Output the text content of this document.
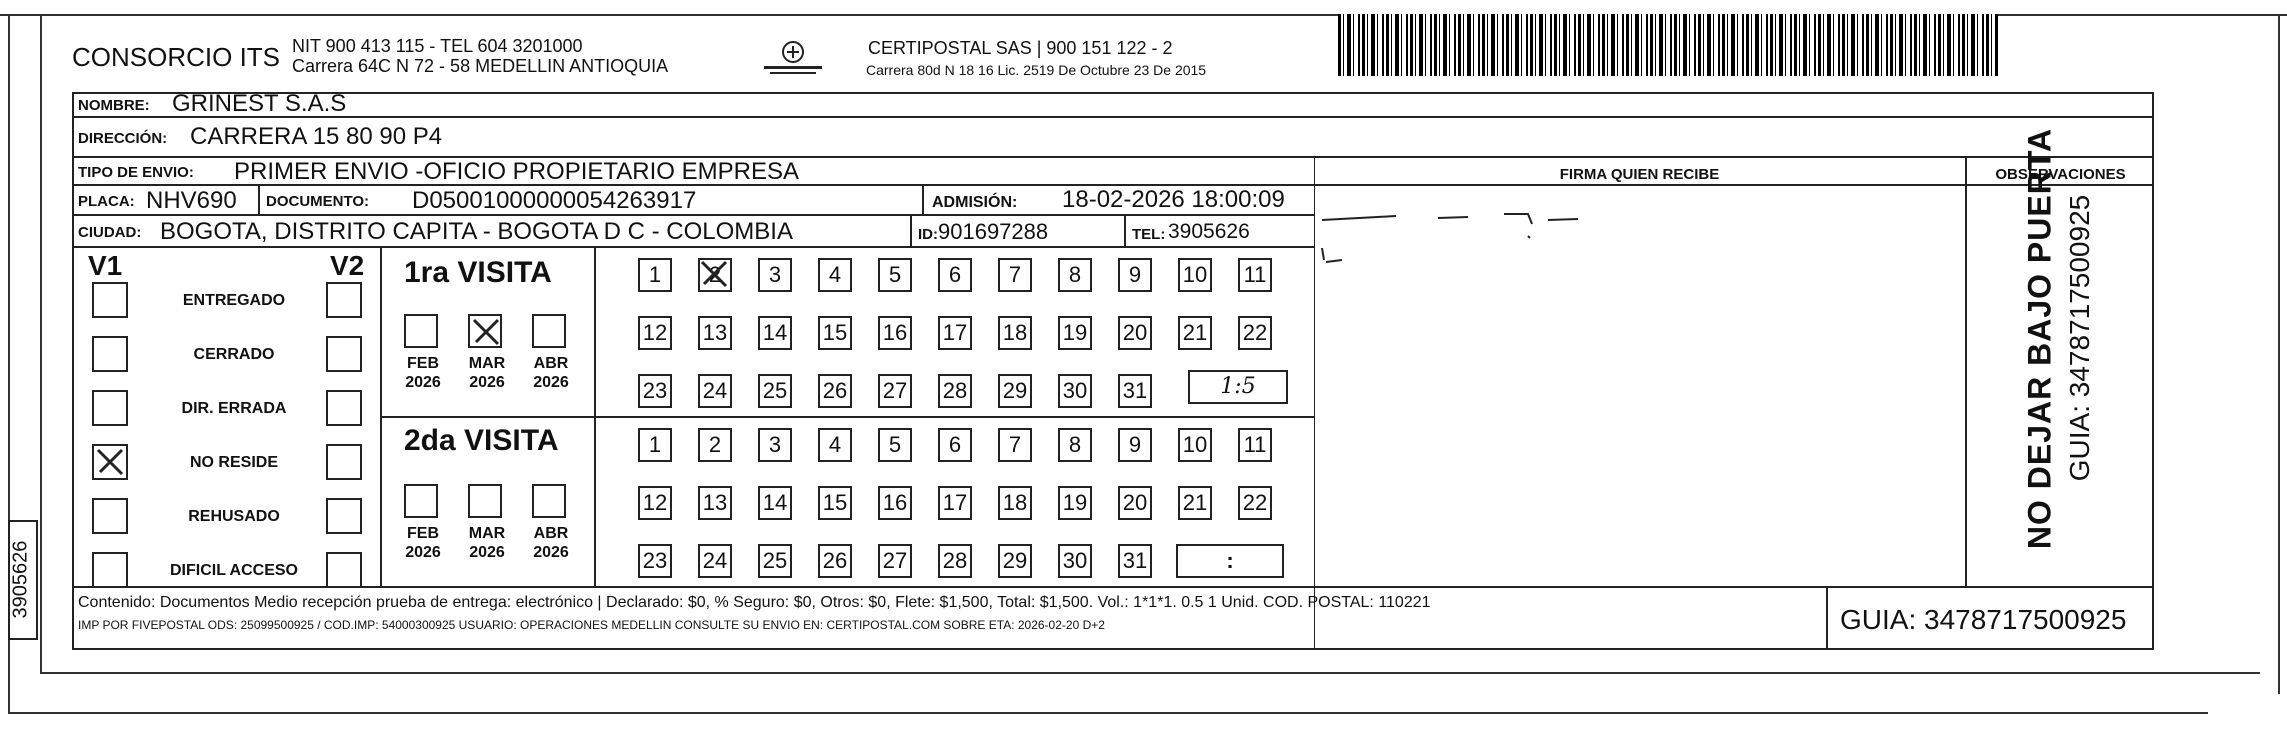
3905626
CONSORCIO ITS NIT 900 413 115 - TEL 604 3201000
Carrera 64C N 72 - 58 MEDELLIN ANTIOQUIA
CERTIPOSTAL SAS | 900 151 122 - 2
Carrera 80d N 18 16 Lic. 2519 De Octubre 23 De 2015
NOMBRE: GRINEST S.A.S
DIRECCIÓN: CARRERA 15 80 90 P4
TIPO DE ENVIO: PRIMER ENVIO -OFICIO PROPIETARIO EMPRESA	FIRMA QUIEN RECIBE	OBSERVACIONES
PLACA: NHV690 DOCUMENTO: D05001000000054263917	ADMISIÓN: 18-02-2026 18:00:09
CIUDAD: BOGOTA, DISTRITO CAPITA - BOGOTA D C - COLOMBIA	ID: 901697288	TEL: 3905626
V1	V2
ENTREGADO
CERRADO
DIR. ERRADA
NO RESIDE
REHUSADO
DIFICIL ACCESO
1ra VISITA
2da VISITA
FEB
2026
MAR
2026
ABR
2026
FEB
2026
MAR
2026
ABR
2026
1	2	3	4	5	6	7	8	9	10 11
12 13 14 15 16 17 18 19 20 21 22
23 24 25 26 27 28 29 30 31
1	2	3	4	5	6	7	8	9	10 11
12 13 14 15 16 17 18 19 20 21 22
23 24 25 26 27 28 29 30 31
1:5
:
Contenido: Documentos Medio recepción prueba de entrega: electrónico | Declarado: $0, % Seguro: $0, Otros: $0, Flete: $1,500, Total: $1,500. Vol.: 1*1*1. 0.5 1 Unid. COD. POSTAL: 110221
IMP POR FIVEPOSTAL ODS: 25099500925 / COD.IMP: 54000300925 USUARIO: OPERACIONES MEDELLIN CONSULTE SU ENVIO EN: CERTIPOSTAL.COM SOBRE ETA: 2026-02-20 D+2	GUIA: 3478717500925
NO DEJAR BAJO PUERTA GUIA: 3478717500925
